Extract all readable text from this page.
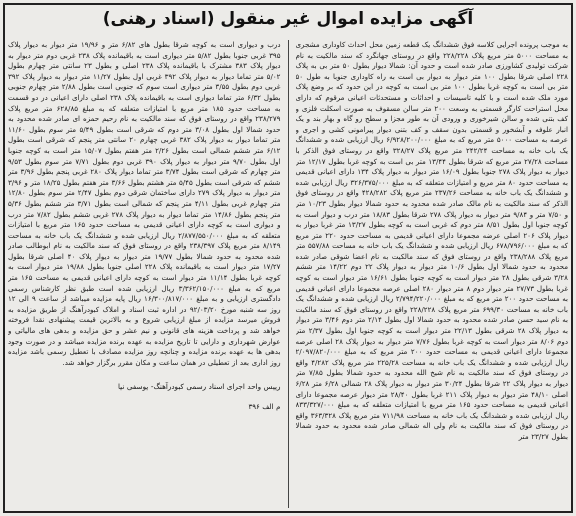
آگهی مزایده اموال غیر منقول (اسناد رهنی)

به موجب پرونده اجرایی کلاسه فوق ششدانگ یک قطعه زمین محل احداث کاوداری مشجری به مساحت ۵۰۰۰ متر مربع پلاک ۲۲۸/۲۲۸ واقع در روستای جهانگرد که سند مالکیت به نام شرکت تولیدی کشاورزی صادر شده است و حدود آن: شمالا دیوار بطول ۵۰ متر بی به پلاک ۲۲۸ اصلی شرقا بطول ۱۰۰ متر دیوار به دیوار بی است به راه کاوداری جنوبا به طول ۵۰ متر بی است به کوچه غربا بطول ۱۰۰ متر بی است به کوچه در این حدود که بر وضع پلاک مورد ملک شده است و با کلیه تاسیسات و احداثات و مستحدثات اعیانی مرقوم که دارای محل استراحت کارگر قسمتی به وسعت ۲۰۰ متر سالن مسقوف به صورت اسکلت فلزی و کف بتنی شده و سالن شیرخوری و ورودی آن به طور مجزا و سطح رو گاه و بهار بند و یک انبار علوفه و آبشخور و قسمتی بدون سقف و کف بتنی دیوار پیرامونی کشی و اجری و عرصه به مساحت ۵۰۰۰ متر مربع که به مبلغ ۶/۹۲۸/۲۰۰/۰۰۰ ریال ارزیابی شده و ششدانگ یک باب خانه به مساحت ۲۴۲/۲۴ متر مربع پلاک ۳۲۸/۲۷ واقع در روستای فوق الذکر با مساحت ۲۷/۲۸ متر مربع که شرقا بطول ۱۳/۴۴ متر بی است به کوچه غربا بطول ۱۲/۱۷ متر دیوار به دیوار پلاک ۲۷۸ جنوبا بطول ۱۶/۰۹ متر دیوار به دیوار پلاک ۱۳۴ دارای اعیانی قدیمی به مساحت حدود ۸۰ متر مربع و امتیازات متعلقه که به مبلغ ۳۲۶/۳۷۵/۰۰۰ ریال ارزیابی شده و ششدانگ یک باب خانه به مساحت ۲۳۷/۲۶ متر مربع پلاک ۴۲۸/۲۸۲ واقع در روستای فوق الذکر که سند مالکیت به نام مالک صادر شده محدود به حدود شمالا دیوار بطول ۱۰/۲۳ متر و ۷/۵۰ متر و ۹/۸۴ متر دیوار به دیوار پلاک ۲۷۸ شرقا بطول ۱۸/۸۳ متر درب و دیوار است به کوچه جنوبا اول بطول ۸/۵۱ متر دوم که غربی است به کوچه بطول ۱۳/۲۷ متر غربا دیوار به دیوار پلاک ۲۰۶ اصلی عرضه مجموعا دارای اعیانی قدیمی به مساحت حدود ۲۲۰ متر مربع که به مبلغ ۶۷۸/۷۹۶/۰۰۰ ریال ارزیابی شده و ششدانگ یک باب خانه به مساحت ۵۵۷/۸۸ متر مربع پلاک ۲۳۸/۲۸۸ واقع در روستای فوق که سند مالکیت به نام اعضا شوقی صادر شده محدود به حدود شمالا اول بطول ۱۰/۶ متر دیوار به دیوار پلاک ۲۲ دوم ۱۴/۲۲ متر ششم ۳/۲۸ شرقی بطول ۲۸ متر دیوار است به کوچه جنوبا بطول ۱۶/۶۱ متر دیوار است به کوچه غربا بطول ۲۷/۷۳ متر دیوار دوم ۸ متر دیوار ۲۸۰ اصلی عرصه مجموعا دارای اعیانی قدیمی به مساحت حدود ۲۰۰ متر مربع که به مبلغ ۲/۷۹۴/۲۲۰/۰۰۰ ریال ارزیابی شده و ششدانگ یک باب خانه به مساحت ۶۹۹/۳۰ متر مربع پلاک ۲۲۸/۲۲۸ واقع در روستای فوق که سند مالکیت به نام سید حسن صادر شده محدود به حدود شمالا اول بطول ۲/۱۴ متر دوم ۳/۴۶ متر دیوار به دیوار پلاک ۲۸ شرقی بطول ۲۲/۱۳ متر دیوار است به کوچه جنوبا اول بطول ۲/۳۷ متر دوم ۸/۰۶ متر دیوار است به کوچه غربا بطول ۷/۷۶ متر دیوار به دیوار پلاک ۲۸ اصلی عرصه مجموعا دارای اعیانی قدیمی به مساحت حدود ۲۰۰ متر مربع که به مبلغ ۲/۰۹۷/۸۲۰/۰۰۰ ریال ارزیابی شده و ششدانگ یک باب خانه به مساحت ۲۲۵/۲۸ متر مربع پلاک ۴/۲۸۲ واقع در روستای فوق که سند مالکیت به نام شیخ الله محدود به حدود شمالا بطول ۷/۸۵ متر دیوار به دیوار پلاک ۲۲ شرقا بطول ۳۰/۲۴ متر دیوار به دیوار پلاک ۲۸ شمالی ۶/۲۸ متر ۶/۲۸ اصلی ۴۸/۱۰ متر دیوار به دیوار پلاک ۲۱۱ غربا بطول ۲۸/۴۰ متر دیوار عرصه مجموعا دارای اعیانی قدیمی به مساحت حدود ۱۶۵ متر مربع با امتیازات متعلقه که به مبلغ ۸۳۳/۳۲۷/۰۰۰ ریال ارزیابی شده و ششدانگ یک باب خانه به مساحت ۷۱۱/۹۸ متر مربع پلاک ۳۶۳/۳۲۸ واقع در روستای فوق که سند مالکیت به نام ولی اله شمالی صادر شده محدود به حدود شمالا بطول ۲۳/۲۷ متر

درب و دیواری است به کوچه شرقا بطول های ۶/۸۲ متر و ۱۹/۹۶ متر دیوار به دیوار پلاک ۳۹۵ غربی جنوبا بطول ۵/۸۲ متر دیواری است به باقیمانده پلاک ۲۳۸ غربی دوم متر دیوار به دیوار پلاک ۳۸۳ مشترک با باقیمانده پلاک ۲۳۸ اصلی و بطول ۲۳ سانتی متر چهارم بطول ۵/۰۲ متر تماما دیوار به دیوار پلاک ۳۹۲ غربی اول بطول ۱۱/۲۷ متر دیوار به دیوار پلاک ۳۹۲ غربی دوم بطول ۳/۵۵ متر دیواری است سوم که جنوبی است بطول ۲/۸۸ متر چهارم جنوبی بطول ۶/۳۲ متر تماما دیواری است به باقیمانده پلاک ۲۳۸ اصلی دارای اعیانی در دو قسمت به مساحت حدود ۱۸۵ متر مربع با امتیازات متعلقه که به مبلغ ۶۲۸/۸۵ متر مربع پلاک ۲۳۸/۲۷۹ واقع در روستای فوق که سند مالکیت به نام رحیم حمزه ای صادر شده محدود به حدود شمالا اول بطول ۳/۰۸ متر دوم که شرقی است بطول ۵/۴۹ متر سوم بطول ۱۱/۶۰ متر تماما دیوار به دیوار پلاک ۳۸۲ غربی چهارم ۲۰ سانتی متر پنجم که شرقی است بطول ۶/۱۲ متر ششم شمالی است بطول ۲/۲۶ متر هفتم بطول ۱۵/۰۷ متر است به کوچه جنوبا اول بطول ۹/۷۰ متر دیوار به دیوار پلاک ۳۹۰ غربی دوم بطول ۷/۷۱ متر سوم بطول ۹/۵۳ متر چهارم که شرقی است بطول ۳/۷۴ متر تماما دیوار پلاک ۲۸۰ غربی پنجم بطول ۳/۹۶ متر ششم که شرقی است بطول ۵/۴۵ متر هشتم بطول ۳/۶۶ متر هفتم بطول ۱۸/۲۵ متر و ۳/۹۶ متر دیوار به دیوار پلاک ۲۷۹ دارای ساختمان شرقی دوم بطول ۲/۴۷ متر سوم بطول ۱۲/۸۰ متر چهارم غربی بطول ۴/۱۱ متر پنجم که شمالی است بطول ۳/۷۱ متر ششم بطول ۵/۳۶ متر پنجم بطول ۱۴/۸۶ متر تماما دیوار به دیوار پلاک ۲۷۸ غربی ششم بطول ۷/۸۲ متر درب و دیواری است به کوچه دارای اعیانی قدیمی به مساحت حدود ۱۶۵ متر مربع با امتیازات متعلقه که به مبلغ ۲/۸۷۷/۵۵۰/۰۰۰ ریال ارزیابی شده و ششدانگ یک باب خانه به مساحت ۸/۱۴۹ متر مربع پلاک ۲۳۸/۳۹۷ واقع در روستای فوق که سند مالکیت به نام ابوطالب صادر شده محدود به حدود شمالا بطول ۱۹/۷۷ متر دیوار به دیوار پلاک ۴۰ اصلی شرقا بطول ۱۷/۲۷ متر دیوار است به باقیمانده پلاک ۲۲۸ اصلی جنوبا بطول ۱۹/۸۸ متر دیوار است به کوچه غربا بطول ۱۱/۱۴ متر دیوار است به کوچه دارای اعیانی قدیمی به مساحت ۱۶۵ متر مربع که به مبلغ ۳/۳۶۲/۱۵۰/۰۰۰ ریال ارزیابی شده است طبق نظر کارشناس رسمی دادگستری ارزیابی و به مبلغ ۱۶/۳۰۰/۸۱۷/۰۰۰ ریال پایه مزایده میباشد از ساعت ۹ الی ۱۲ روز سه شنبه مورخ ۹۲/۰۳/۲۰ در اداره ثبت اسناد و املاک کبودرآهنگ از طریق مزایده به فروش میرسد مزایده از مبلغ ارزیابی شروع و به بالاترین قیمت پیشنهادی نقدا فروخته خواهد شد و پرداخت هزینه های قانونی و نیم عشر و حق مزایده و بدهی های مالیاتی و عوارض شهرداری و دارایی تا تاریخ مزایده به عهده برنده مزایده میباشد و در صورت وجود بدهی ها به عهده برنده مزایده و چنانچه روز مزایده مصادف با تعطیل رسمی باشد مزایده روز اداری بعد از تعطیلی در همان ساعت و مکان مقرر برگزار خواهد شد.

رییس واحد اجرای اسناد رسمی کبودرآهنگ- یوسفی نیا
م الف ۳۹۶
